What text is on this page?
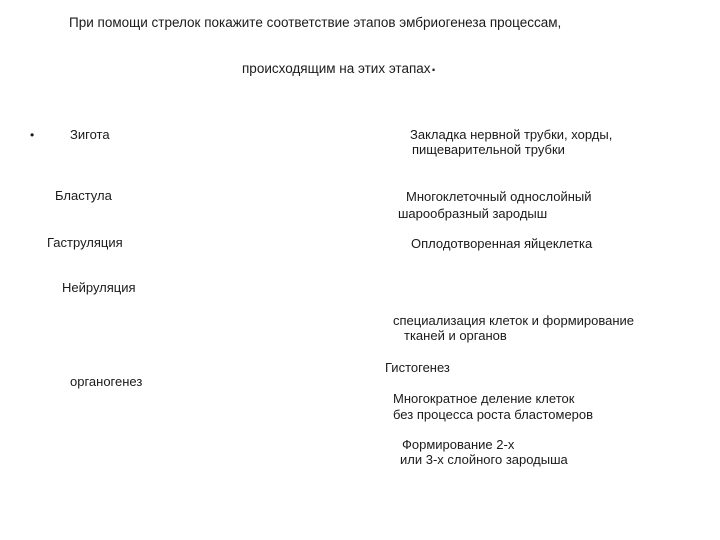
При помощи стрелок покажите соответствие этапов эмбриогенеза процессам,
происходящим на этих этапах.
•	Зигота
Бластула
Гаструляция
Нейруляция
органогенез
Закладка нервной трубки, хорды,
пищеварительной трубки
Многоклеточный однослойный
шарообразный зародыш
Оплодотворенная яйцеклетка
специализация клеток и формирование
тканей и органов
Гистогенез
Многократное деление клеток
без процесса роста бластомеров
Формирование 2-х
или 3-х слойного зародыша
